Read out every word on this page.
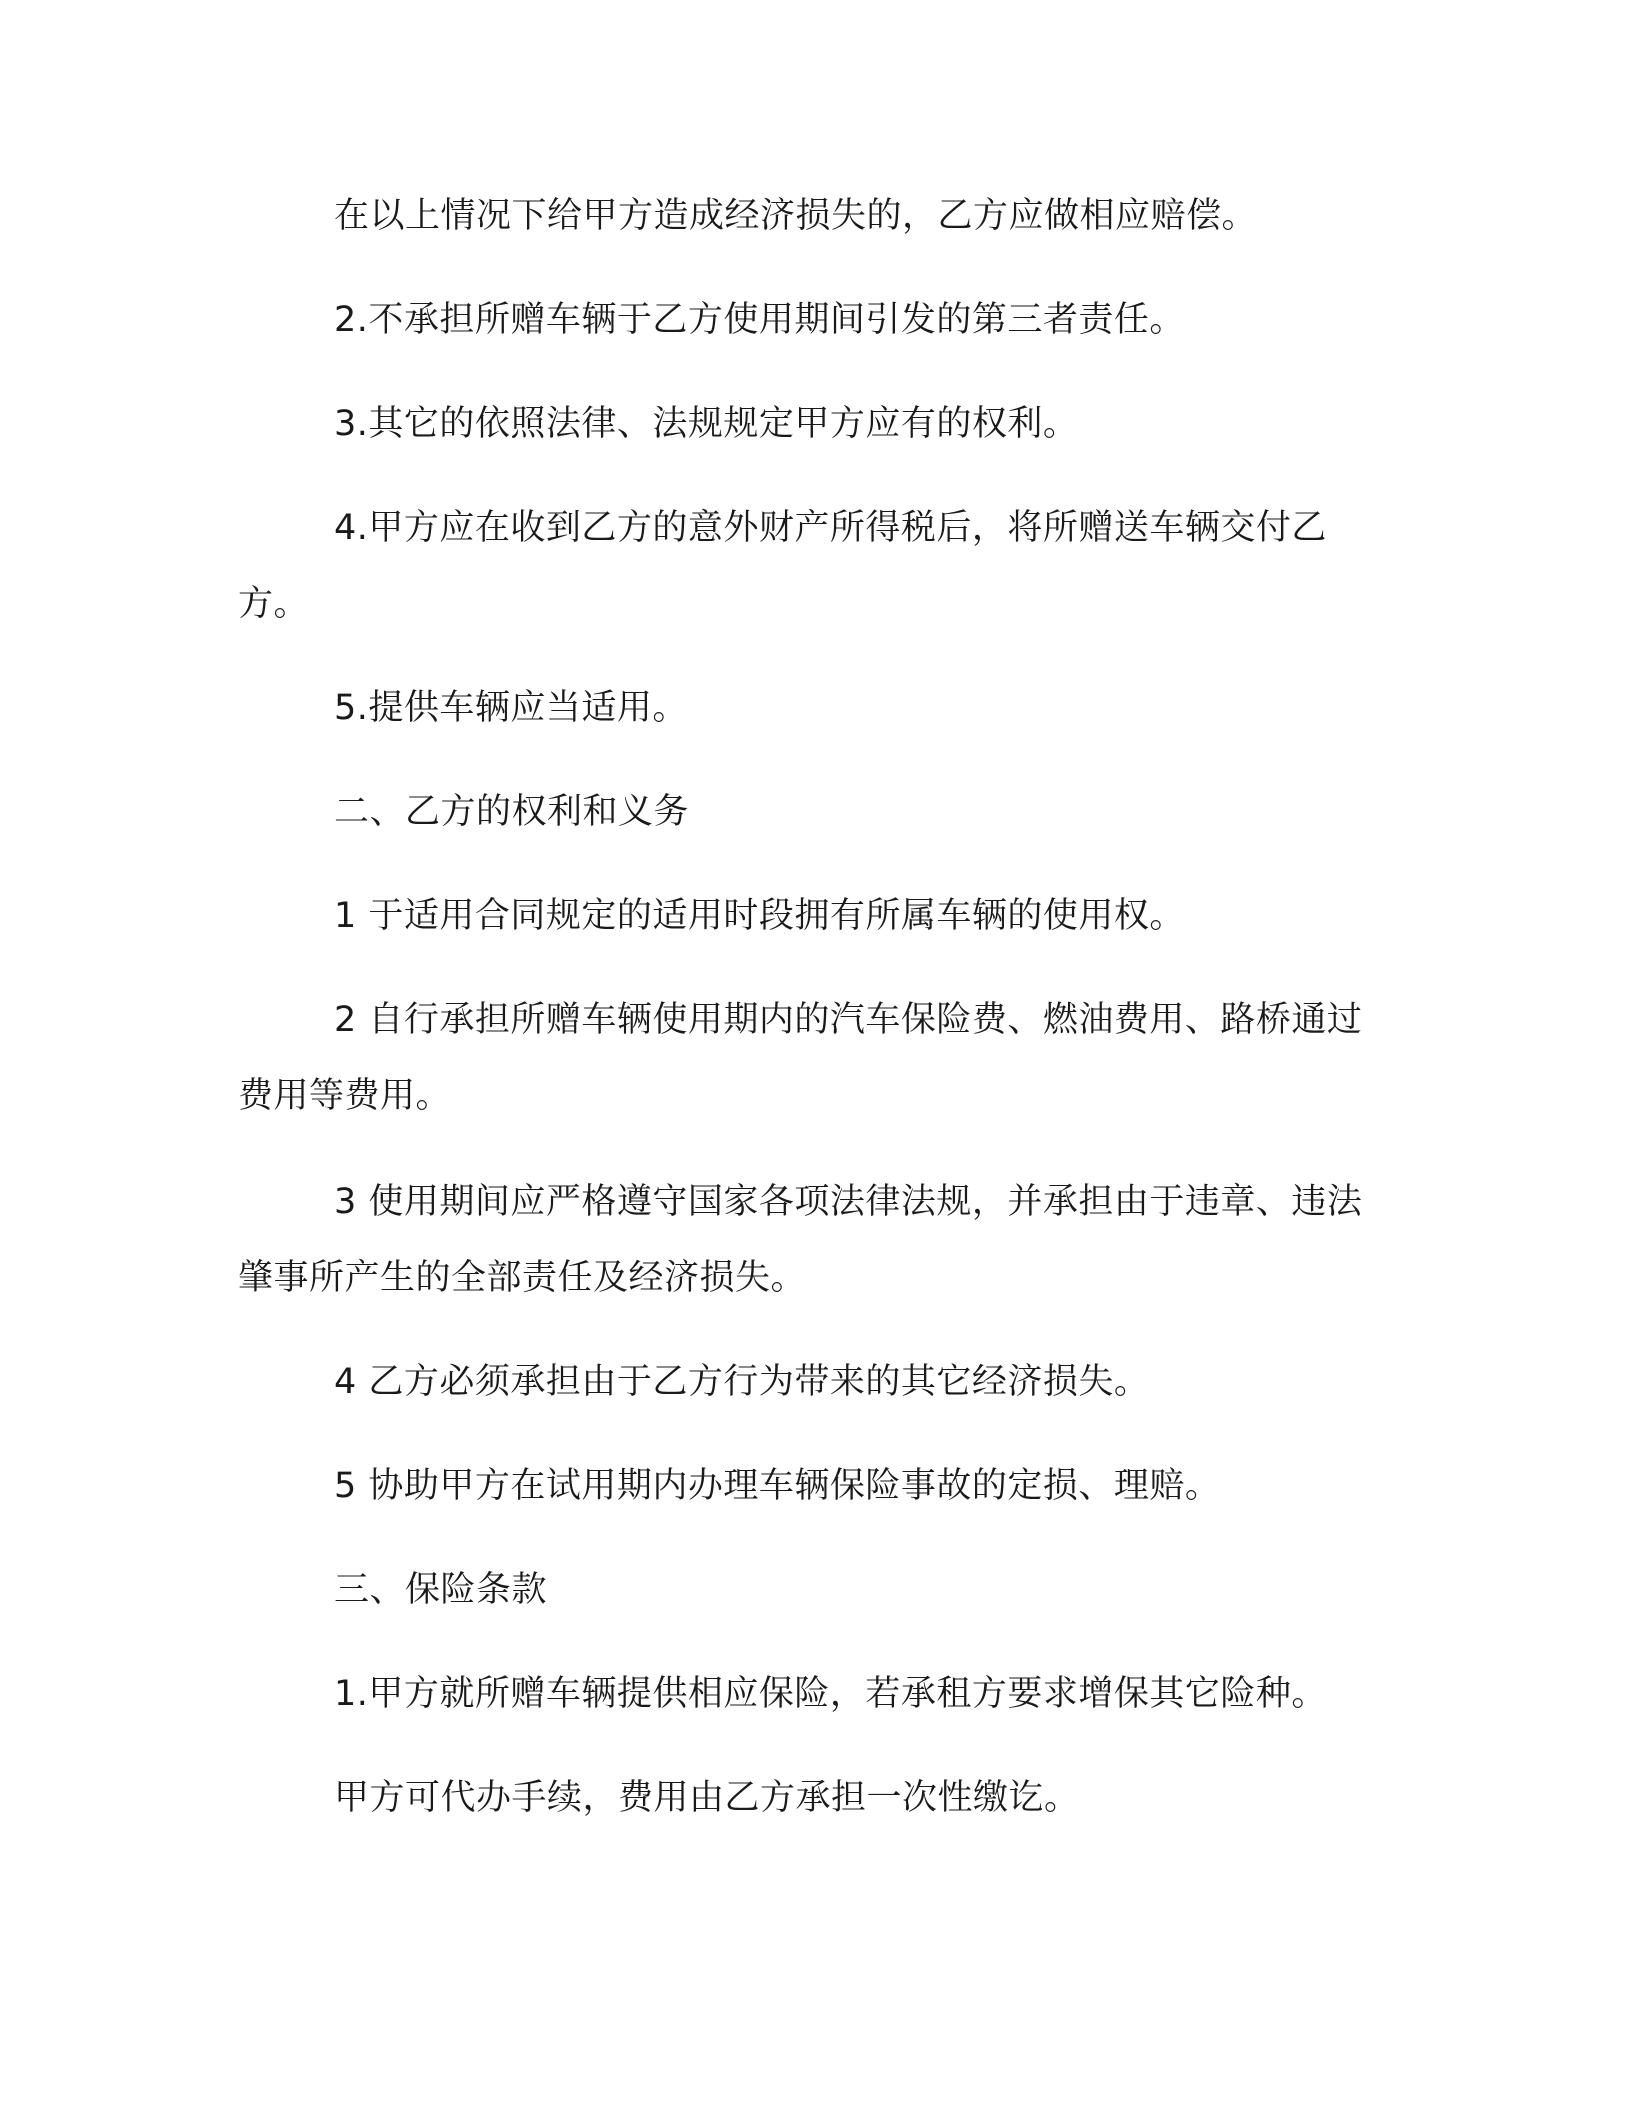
在以上情况下给甲方造成经济损失的，乙方应做相应赔偿。

2.不承担所赠车辆于乙方使用期间引发的第三者责任。

3.其它的依照法律、法规规定甲方应有的权利。

4.甲方应在收到乙方的意外财产所得税后，将所赠送车辆交付乙方。

5.提供车辆应当适用。

二、乙方的权利和义务

1 于适用合同规定的适用时段拥有所属车辆的使用权。

2 自行承担所赠车辆使用期内的汽车保险费、燃油费用、路桥通过费用等费用。

3 使用期间应严格遵守国家各项法律法规，并承担由于违章、违法肇事所产生的全部责任及经济损失。

4 乙方必须承担由于乙方行为带来的其它经济损失。

5 协助甲方在试用期内办理车辆保险事故的定损、理赔。

三、保险条款

1.甲方就所赠车辆提供相应保险，若承租方要求增保其它险种。

甲方可代办手续，费用由乙方承担一次性缴讫。
